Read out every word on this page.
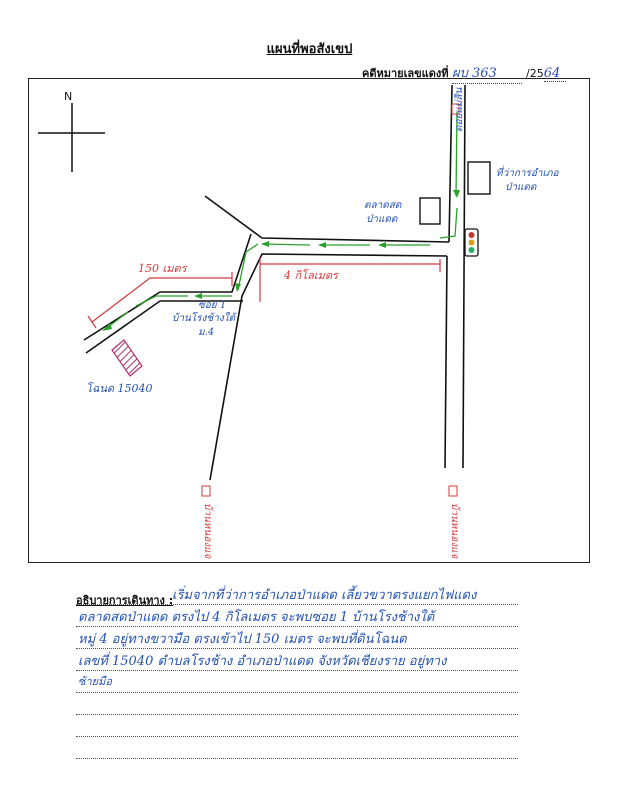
แผนที่พอสังเขป
คดีหมายเลขแดงที่ ผบ 363	/2564
N
4 กิโลเมตร
150 เมตร
ที่ว่าการอำเภอ
ป่าแดด
ตลาดสด
ป่าแดด
ซอย 1
บ้านโรงช้างใต้
ม.4
โฉนด 15040
ดอยแม่สิน
บ้านหนองแจ	บ้านหนองแจ
อธิบายการเดินทาง :
เริ่มจากที่ว่าการอำเภอป่าแดด เลี้ยวขวาตรงแยกไฟแดง
ตลาดสดป่าแดด ตรงไป 4 กิโลเมตร จะพบซอย 1 บ้านโรงช้างใต้
หมู่ 4 อยู่ทางขวามือ ตรงเข้าไป 150 เมตร จะพบที่ดินโฉนด
เลขที่ 15040 ตำบลโรงช้าง อำเภอป่าแดด จังหวัดเชียงราย อยู่ทาง
ซ้ายมือ
